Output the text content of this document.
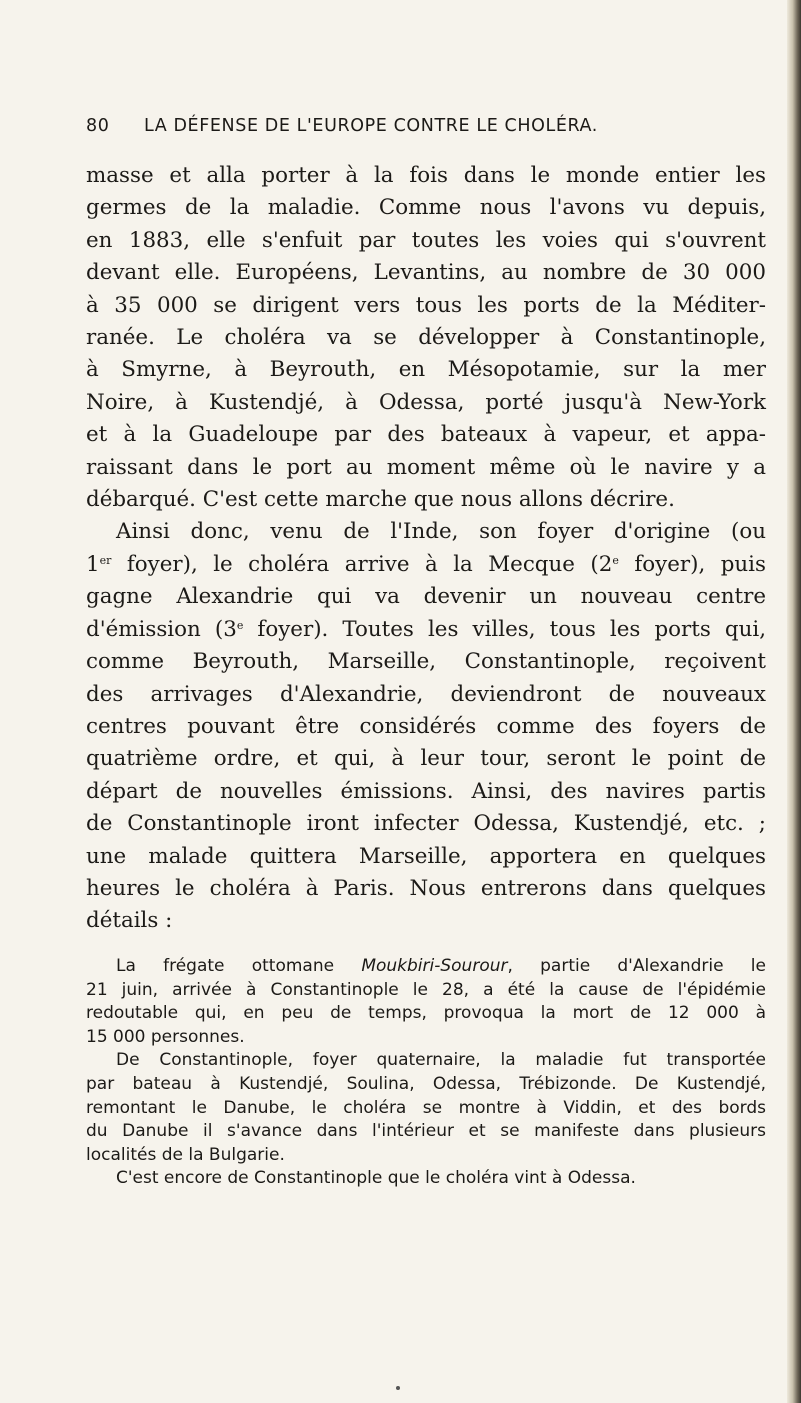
80 LA DÉFENSE DE L'EUROPE CONTRE LE CHOLÉRA.

masse et alla porter à la fois dans le monde entier les

germes de la maladie. Comme nous l'avons vu depuis,

en 1883, elle s'enfuit par toutes les voies qui s'ouvrent

devant elle. Européens, Levantins, au nombre de 30 000

à 35 000 se dirigent vers tous les ports de la Méditer-

ranée. Le choléra va se développer à Constantinople,

à Smyrne, à Beyrouth, en Mésopotamie, sur la mer

Noire, à Kustendjé, à Odessa, porté jusqu'à New-York

et à la Guadeloupe par des bateaux à vapeur, et appa-

raissant dans le port au moment même où le navire y a

débarqué. C'est cette marche que nous allons décrire.

Ainsi donc, venu de l'Inde, son foyer d'origine (ou

1er foyer), le choléra arrive à la Mecque (2e foyer), puis

gagne Alexandrie qui va devenir un nouveau centre

d'émission (3e foyer). Toutes les villes, tous les ports qui,

comme Beyrouth, Marseille, Constantinople, reçoivent

des arrivages d'Alexandrie, deviendront de nouveaux

centres pouvant être considérés comme des foyers de

quatrième ordre, et qui, à leur tour, seront le point de

départ de nouvelles émissions. Ainsi, des navires partis

de Constantinople iront infecter Odessa, Kustendjé, etc. ;

une malade quittera Marseille, apportera en quelques

heures le choléra à Paris. Nous entrerons dans quelques

détails :

La frégate ottomane Moukbiri-Sourour, partie d'Alexandrie le

21 juin, arrivée à Constantinople le 28, a été la cause de l'épidémie

redoutable qui, en peu de temps, provoqua la mort de 12 000 à

15 000 personnes.

De Constantinople, foyer quaternaire, la maladie fut transportée

par bateau à Kustendjé, Soulina, Odessa, Trébizonde. De Kustendjé,

remontant le Danube, le choléra se montre à Viddin, et des bords

du Danube il s'avance dans l'intérieur et se manifeste dans plusieurs

localités de la Bulgarie.

C'est encore de Constantinople que le choléra vint à Odessa.
